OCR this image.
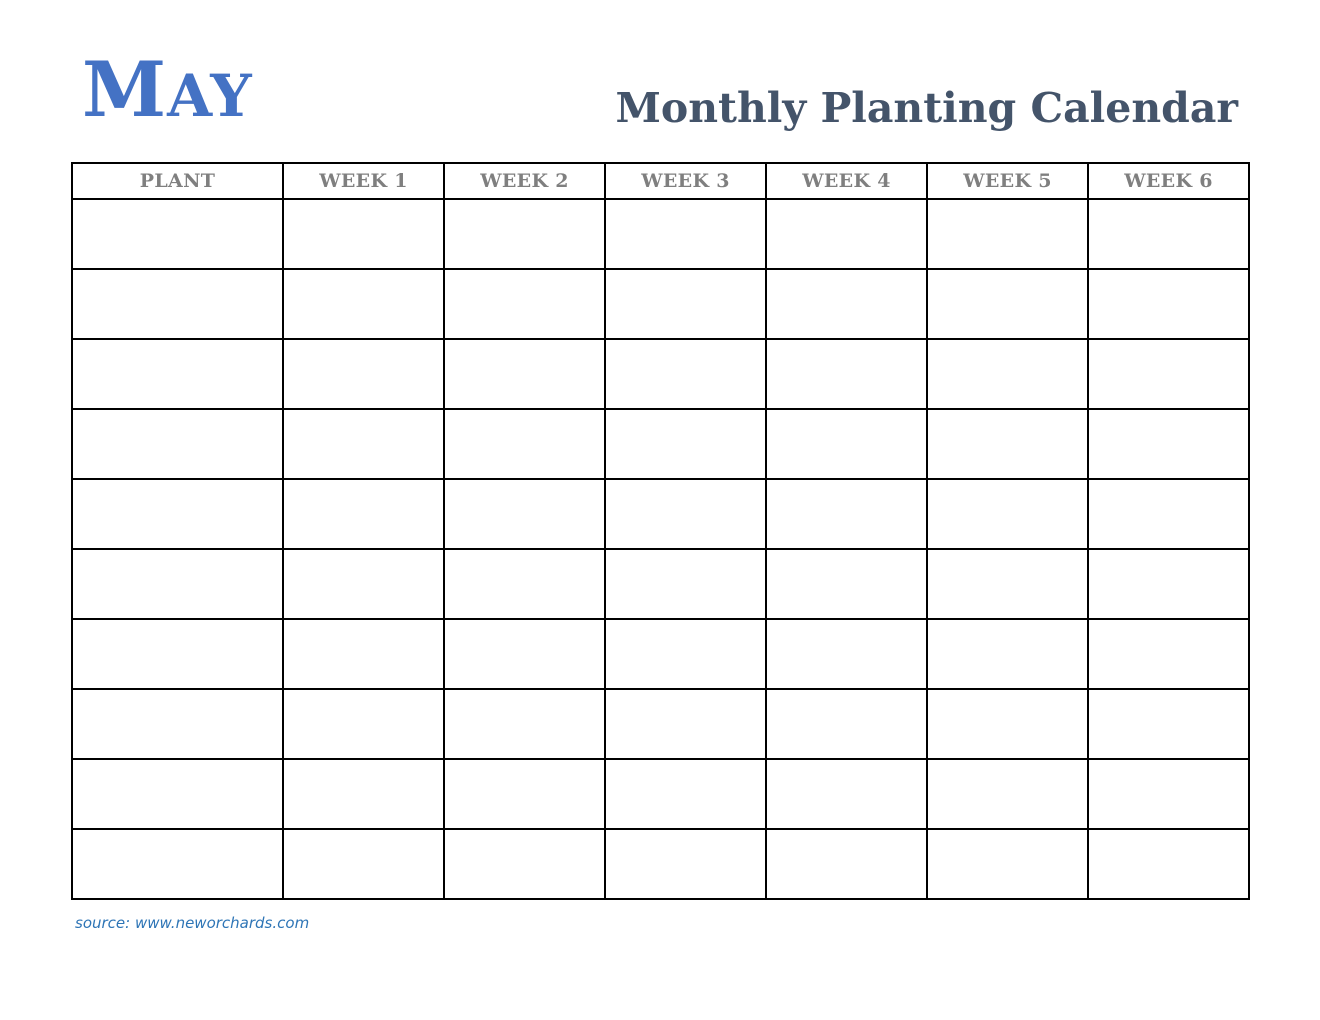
MAY	Monthly Planting Calendar
PLANT	WEEK 1	WEEK 2	WEEK 3	WEEK 4	WEEK 5	WEEK 6

source: www.neworchards.com
